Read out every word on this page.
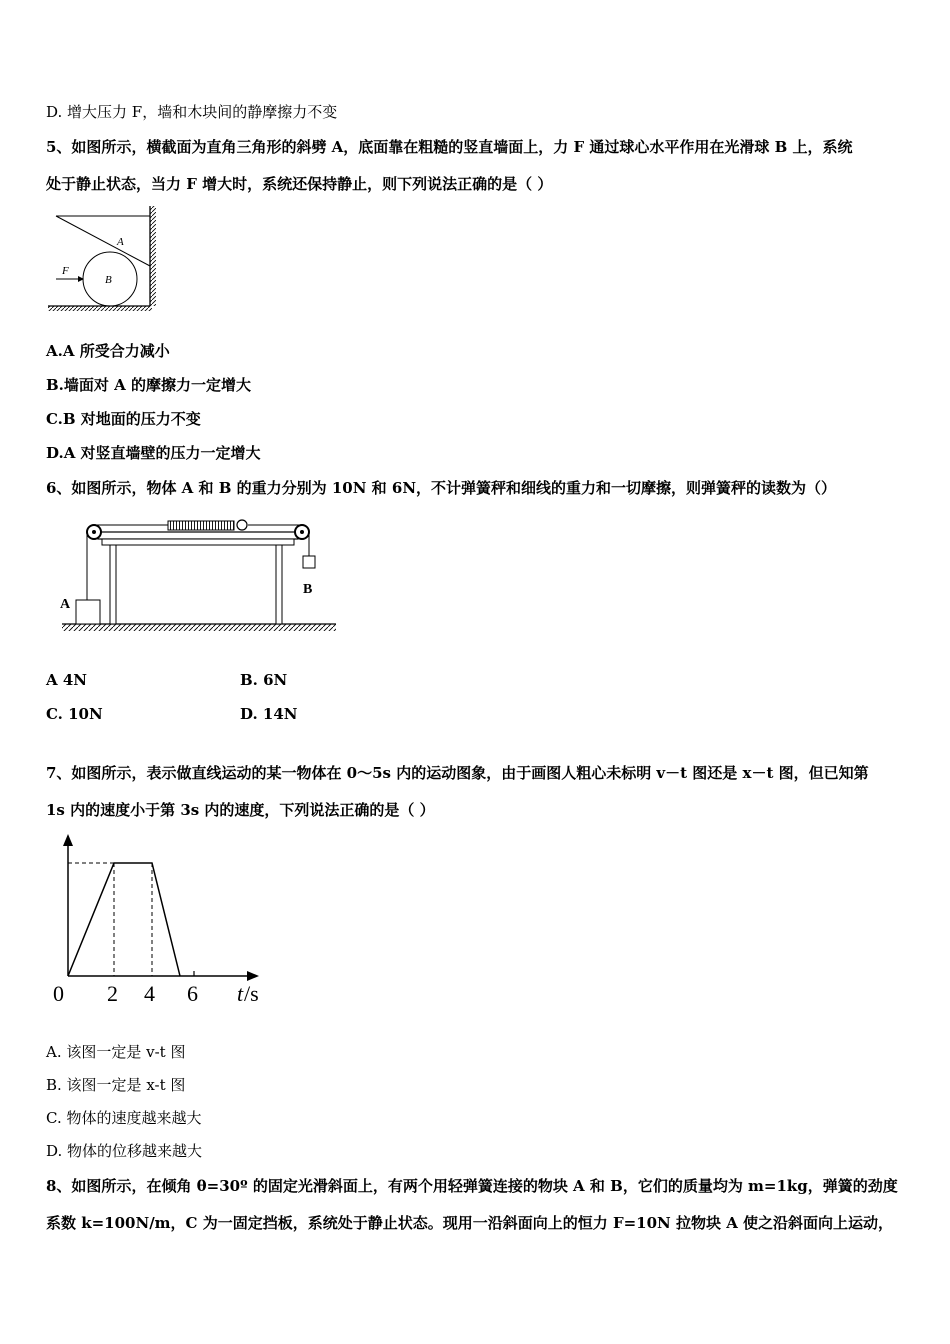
D. 增大压力 F，墙和木块间的静摩擦力不变
5、如图所示，横截面为直角三角形的斜劈 A，底面靠在粗糙的竖直墙面上，力 F 通过球心水平作用在光滑球 B 上，系统
处于静止状态，当力 F 增大时，系统还保持静止，则下列说法正确的是（ ）
F
A
B
A.A 所受合力减小
B.墙面对 A 的摩擦力一定增大
C.B 对地面的压力不变
D.A 对竖直墙壁的压力一定增大
6、如图所示，物体 A 和 B 的重力分别为 10N 和 6N，不计弹簧秤和细线的重力和一切摩擦，则弹簧秤的读数为（）
A
B
A 4N	B. 6N
C. 10N	D. 14N
7、如图所示，表示做直线运动的某一物体在 0～5s 内的运动图象，由于画图人粗心未标明 v－t 图还是 x－t 图，但已知第
1s 内的速度小于第 3s 内的速度，下列说法正确的是（ ）
0 2 4 6 t /s
A. 该图一定是 v-t 图
B. 该图一定是 x-t 图
C. 物体的速度越来越大
D. 物体的位移越来越大
8、如图所示，在倾角 θ=30º 的固定光滑斜面上，有两个用轻弹簧连接的物块 A 和 B，它们的质量均为 m=1kg，弹簧的劲度
系数 k=100N/m，C 为一固定挡板，系统处于静止状态。现用一沿斜面向上的恒力 F=10N 拉物块 A 使之沿斜面向上运动，
